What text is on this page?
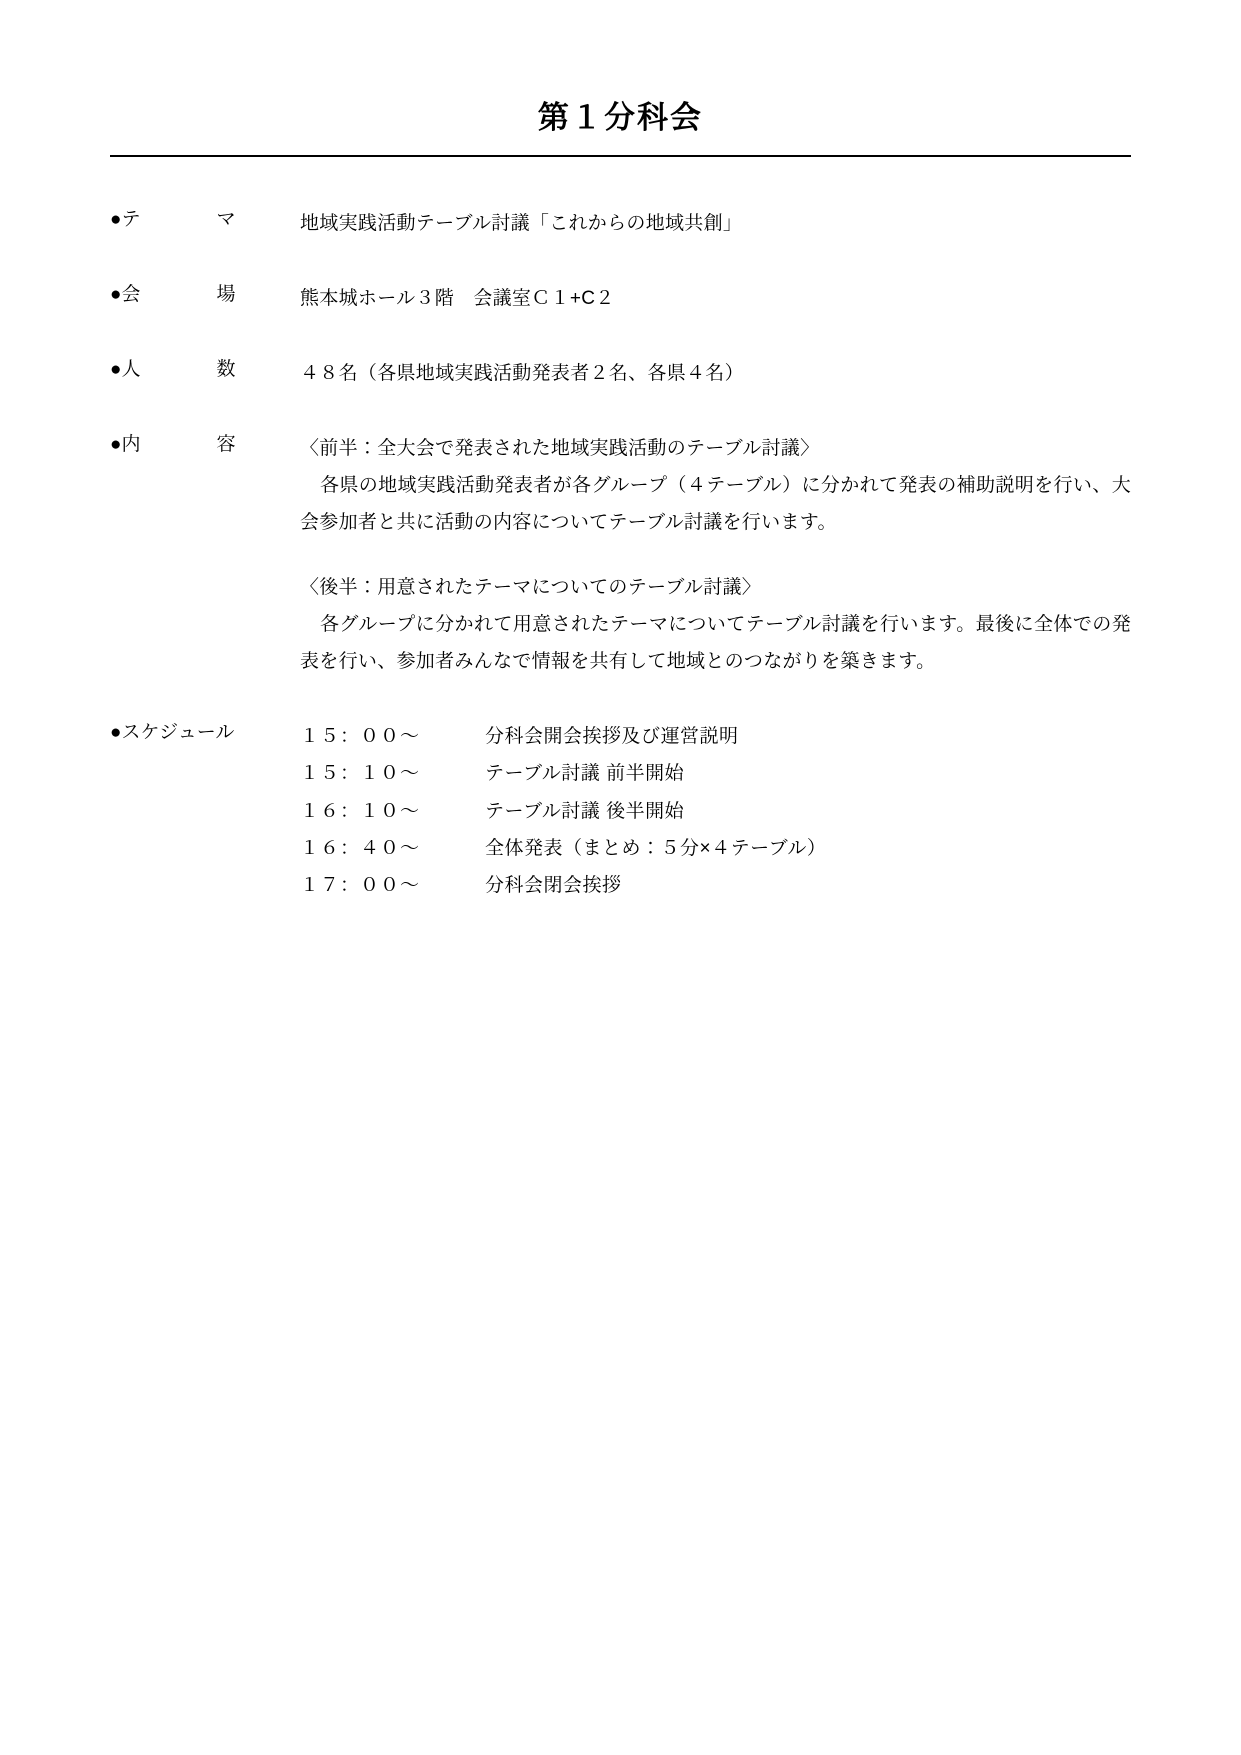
第１分科会
●テ　　　　マ	地域実践活動テーブル討議「これからの地域共創」

●会　　　　場	熊本城ホール３階　会議室Ｃ１+C２

●人　　　　数	４８名（各県地域実践活動発表者２名、各県４名）

●内　　　　容	〈前半：全大会で発表された地域実践活動のテーブル討議〉

各県の地域実践活動発表者が各グループ（４テーブル）に分かれて発表の補助説明を行い、大会参加者と共に活動の内容についてテーブル討議を行います。

〈後半：用意されたテーマについてのテーブル討議〉

各グループに分かれて用意されたテーマについてテーブル討議を行います。最後に全体での発表を行い、参加者みんなで情報を共有して地域とのつながりを築きます。

●スケジュール	１５：００〜	分科会開会挨拶及び運営説明
１５：１０〜	テーブル討議 前半開始
１６：１０〜	テーブル討議 後半開始
１６：４０〜	全体発表（まとめ：５分×４テーブル）
１７：００〜	分科会閉会挨拶
